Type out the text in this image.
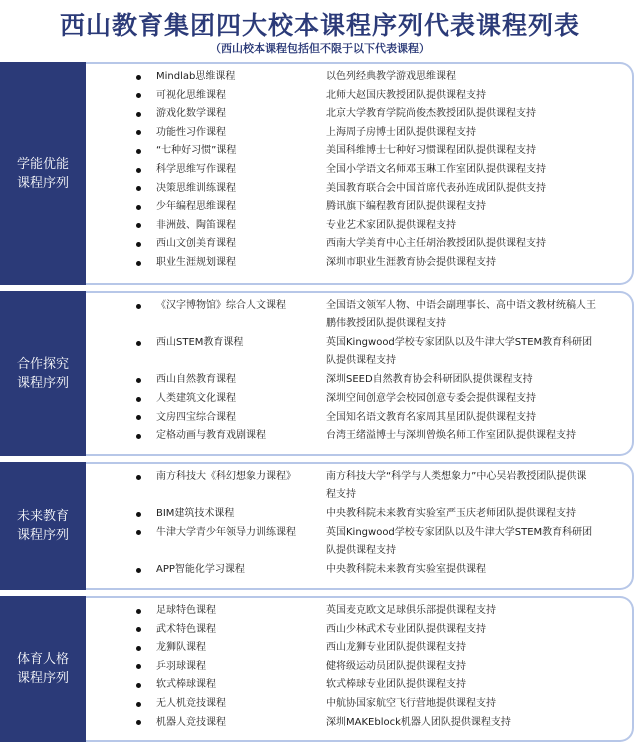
西山教育集团四大校本课程序列代表课程列表
（西山校本课程包括但不限于以下代表课程）
学能优能
课程序列
合作探究
课程序列
未来教育
课程序列
体育人格
课程序列
Mindlab思维课程	以色列经典教学游戏思维课程
可视化思维课程	北师大赵国庆教授团队提供课程支持
游戏化数学课程	北京大学教育学院尚俊杰教授团队提供课程支持
功能性习作课程	上海周子房博士团队提供课程支持
“七种好习惯”课程	美国科维博士七种好习惯课程团队提供课程支持
科学思维写作课程	全国小学语文名师邓玉琳工作室团队提供课程支持
决策思维训练课程	美国教育联合会中国首席代表孙连成团队提供支持
少年编程思维课程	腾讯旗下编程教育团队提供课程支持
非洲鼓、陶笛课程	专业艺术家团队提供课程支持
西山文创美育课程	西南大学美育中心主任胡治教授团队提供课程支持
职业生涯规划课程	深圳市职业生涯教育协会提供课程支持
《汉字博物馆》综合人文课程	全国语文领军人物、中语会副理事长、高中语文教材统稿人王鹏伟教授团队提供课程支持
西山STEM教育课程	英国Kingwood学校专家团队以及牛津大学STEM教育科研团队提供课程支持
西山自然教育课程	深圳SEED自然教育协会科研团队提供课程支持
人类建筑文化课程	深圳空间创意学会校园创意专委会提供课程支持
文房四宝综合课程	全国知名语文教育名家周其星团队提供课程支持
定格动画与教育戏剧课程	台湾王绪溢博士与深圳曾焕名师工作室团队提供课程支持
南方科技大《科幻想象力课程》	南方科技大学“科学与人类想象力”中心吴岩教授团队提供课程支持
BIM建筑技术课程	中央教科院未来教育实验室严玉庆老师团队提供课程支持
牛津大学青少年领导力训练课程	英国Kingwood学校专家团队以及牛津大学STEM教育科研团队提供课程支持
APP智能化学习课程	中央教科院未来教育实验室提供课程
足球特色课程	英国麦克欧文足球俱乐部提供课程支持
武术特色课程	西山少林武术专业团队提供课程支持
龙狮队课程	西山龙狮专业团队提供课程支持
乒羽球课程	健将级运动员团队提供课程支持
软式棒球课程	软式棒球专业团队提供课程支持
无人机竞技课程	中航协国家航空飞行营地提供课程支持
机器人竞技课程	深圳MAKEblock机器人团队提供课程支持
